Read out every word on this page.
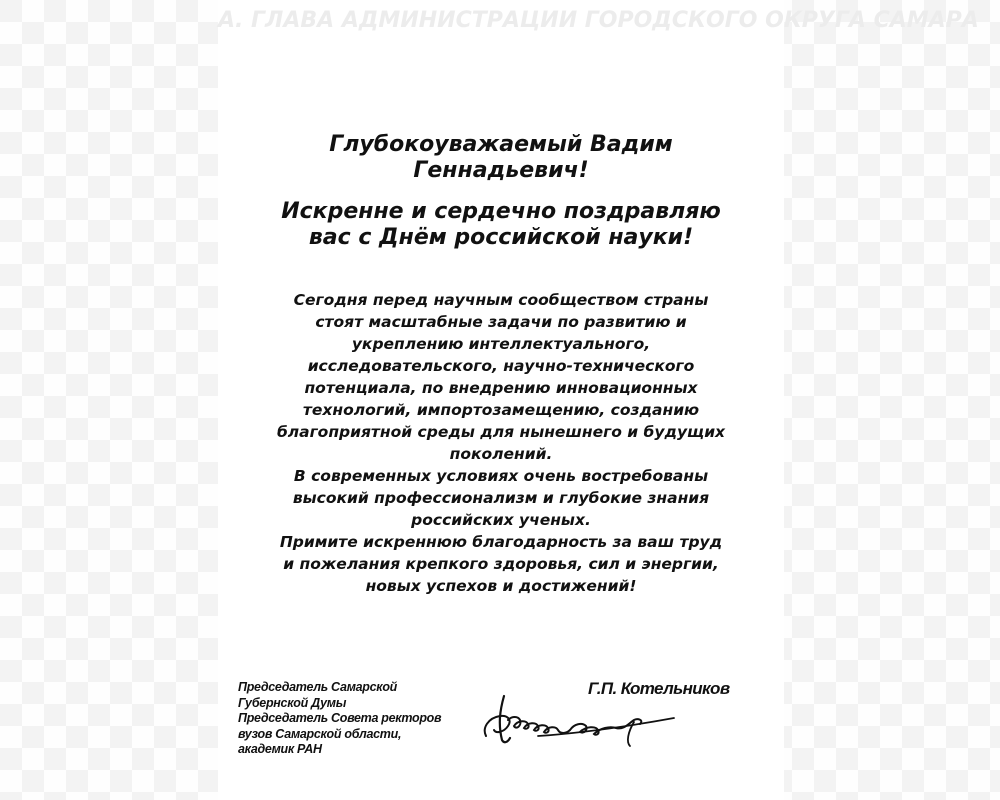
А. ГЛАВА АДМИНИСТРАЦИИ ГОРОДСКОГО ОКРУГА САМАРА
Глубокоуважаемый Вадим
Геннадьевич!
Искренне и сердечно поздравляю
вас с Днём российской науки!

Сегодня перед научным сообществом страны
стоят масштабные задачи по развитию и
укреплению интеллектуального,
исследовательского, научно-технического
потенциала, по внедрению инновационных
технологий, импортозамещению, созданию
благоприятной среды для нынешнего и будущих
поколений.

В современных условиях очень востребованы
высокий профессионализм и глубокие знания
российских ученых.

Примите искреннюю благодарность за ваш труд
и пожелания крепкого здоровья, сил и энергии,
новых успехов и достижений!

Председатель Самарской
Губернской Думы
Председатель Совета ректоров
вузов Самарской области,
академик РАН
Г.П. Котельников
